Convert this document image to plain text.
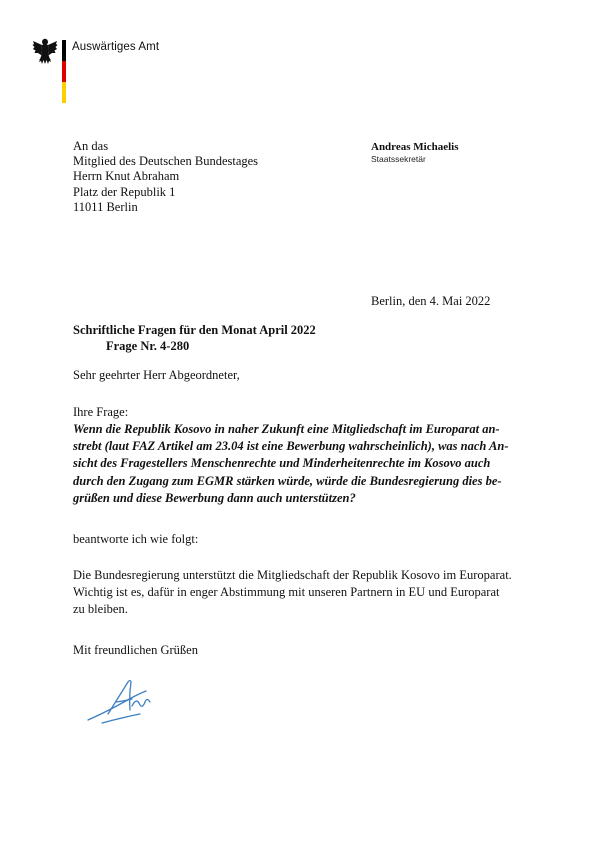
Auswärtiges Amt
An das
Mitglied des Deutschen Bundestages
Herrn Knut Abraham
Platz der Republik 1
11011 Berlin
Andreas Michaelis
Staatssekretär
Berlin, den 4. Mai 2022
Schriftliche Fragen für den Monat April 2022
Frage Nr. 4-280
Sehr geehrter Herr Abgeordneter,
Ihre Frage:
Wenn die Republik Kosovo in naher Zukunft eine Mitgliedschaft im Europarat an-
strebt (laut FAZ Artikel am 23.04 ist eine Bewerbung wahrscheinlich), was nach An-
sicht des Fragestellers Menschenrechte und Minderheitenrechte im Kosovo auch
durch den Zugang zum EGMR stärken würde, würde die Bundesregierung dies be-
grüßen und diese Bewerbung dann auch unterstützen?
beantworte ich wie folgt:
Die Bundesregierung unterstützt die Mitgliedschaft der Republik Kosovo im Europarat.
Wichtig ist es, dafür in enger Abstimmung mit unseren Partnern in EU und Europarat
zu bleiben.
Mit freundlichen Grüßen
